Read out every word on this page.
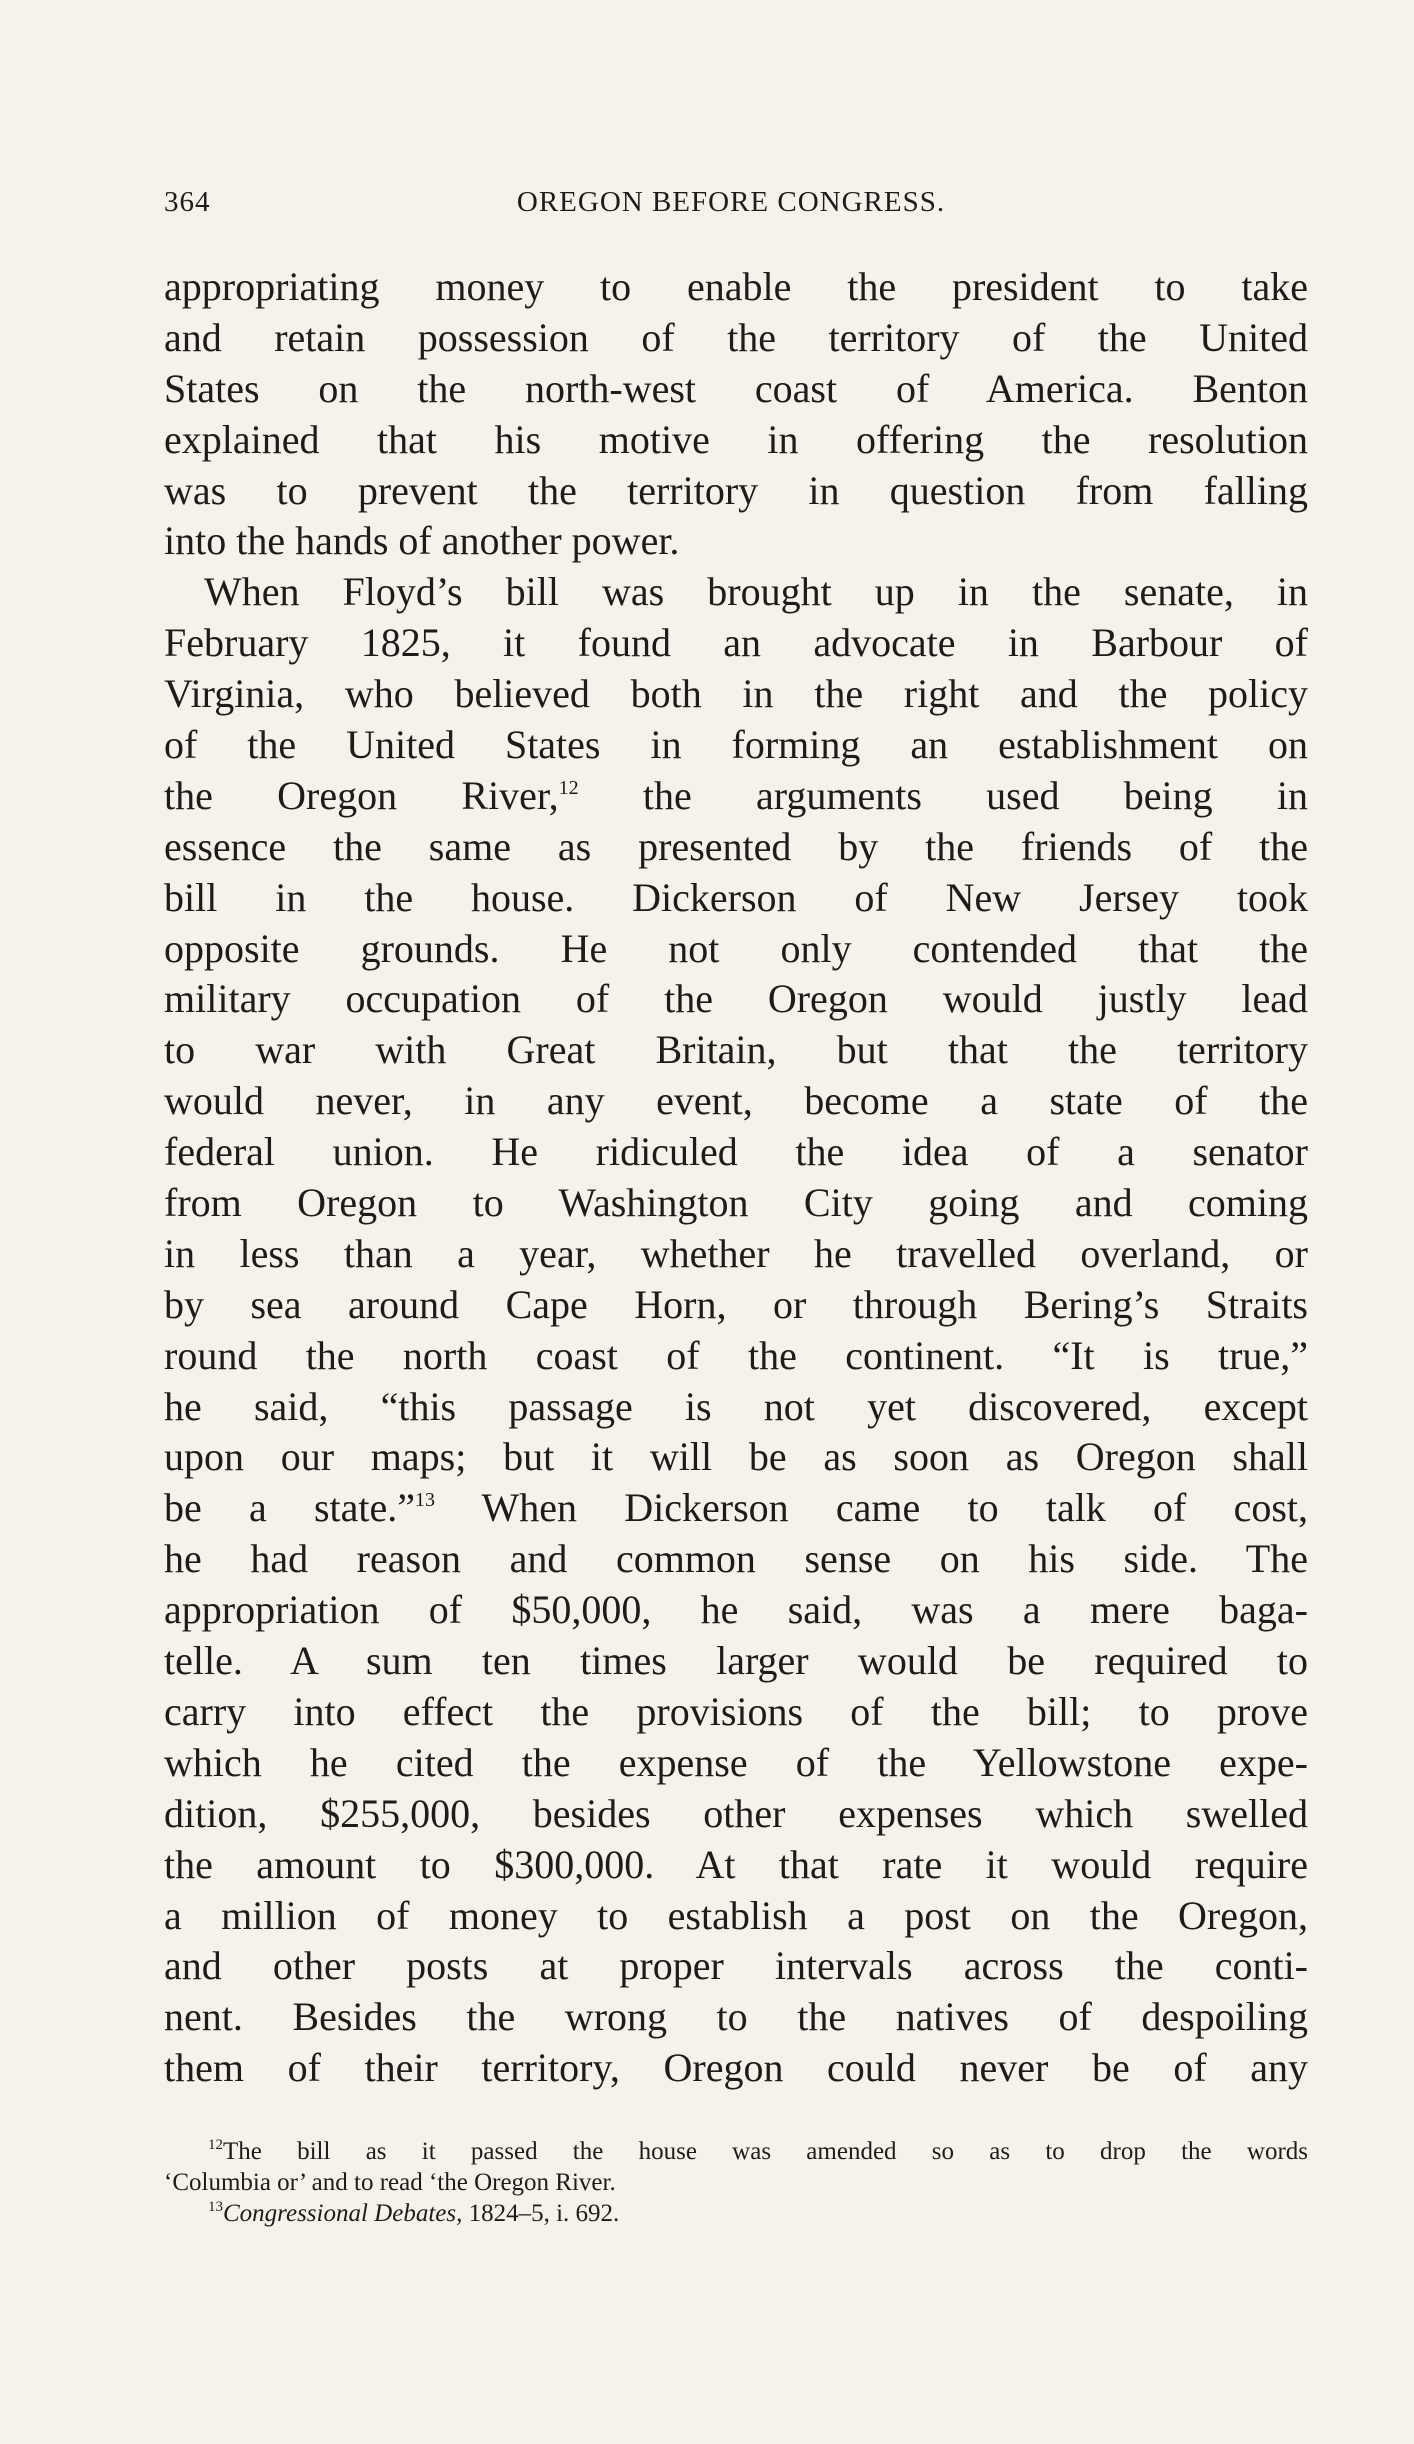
364	OREGON BEFORE CONGRESS.
appropriating money to enable the president to take
and retain possession of the territory of the United
States on the north-west coast of America. Benton
explained that his motive in offering the resolution
was to prevent the territory in question from falling
into the hands of another power.
When Floyd’s bill was brought up in the senate, in
February 1825, it found an advocate in Barbour of
Virginia, who believed both in the right and the policy
of the United States in forming an establishment on
the Oregon River,$^{12}$ the arguments used being in
essence the same as presented by the friends of the
bill in the house. Dickerson of New Jersey took
opposite grounds. He not only contended that the
military occupation of the Oregon would justly lead
to war with Great Britain, but that the territory
would never, in any event, become a state of the
federal union. He ridiculed the idea of a senator
from Oregon to Washington City going and coming
in less than a year, whether he travelled overland, or
by sea around Cape Horn, or through Bering’s Straits
round the north coast of the continent. “It is true,”
he said, “this passage is not yet discovered, except
upon our maps; but it will be as soon as Oregon shall
be a state.”$^{13}$ When Dickerson came to talk of cost,
he had reason and common sense on his side. The
appropriation of $50,000, he said, was a mere baga-
telle. A sum ten times larger would be required to
carry into effect the provisions of the bill; to prove
which he cited the expense of the Yellowstone expe-
dition, $255,000, besides other expenses which swelled
the amount to $300,000. At that rate it would require
a million of money to establish a post on the Oregon,
and other posts at proper intervals across the conti-
nent. Besides the wrong to the natives of despoiling
them of their territory, Oregon could never be of any
$^{12}$The bill as it passed the house was amended so as to drop the words
‘Columbia or’ and to read ‘the Oregon River.
$^{13}$Congressional Debates, 1824–5, i. 692.
